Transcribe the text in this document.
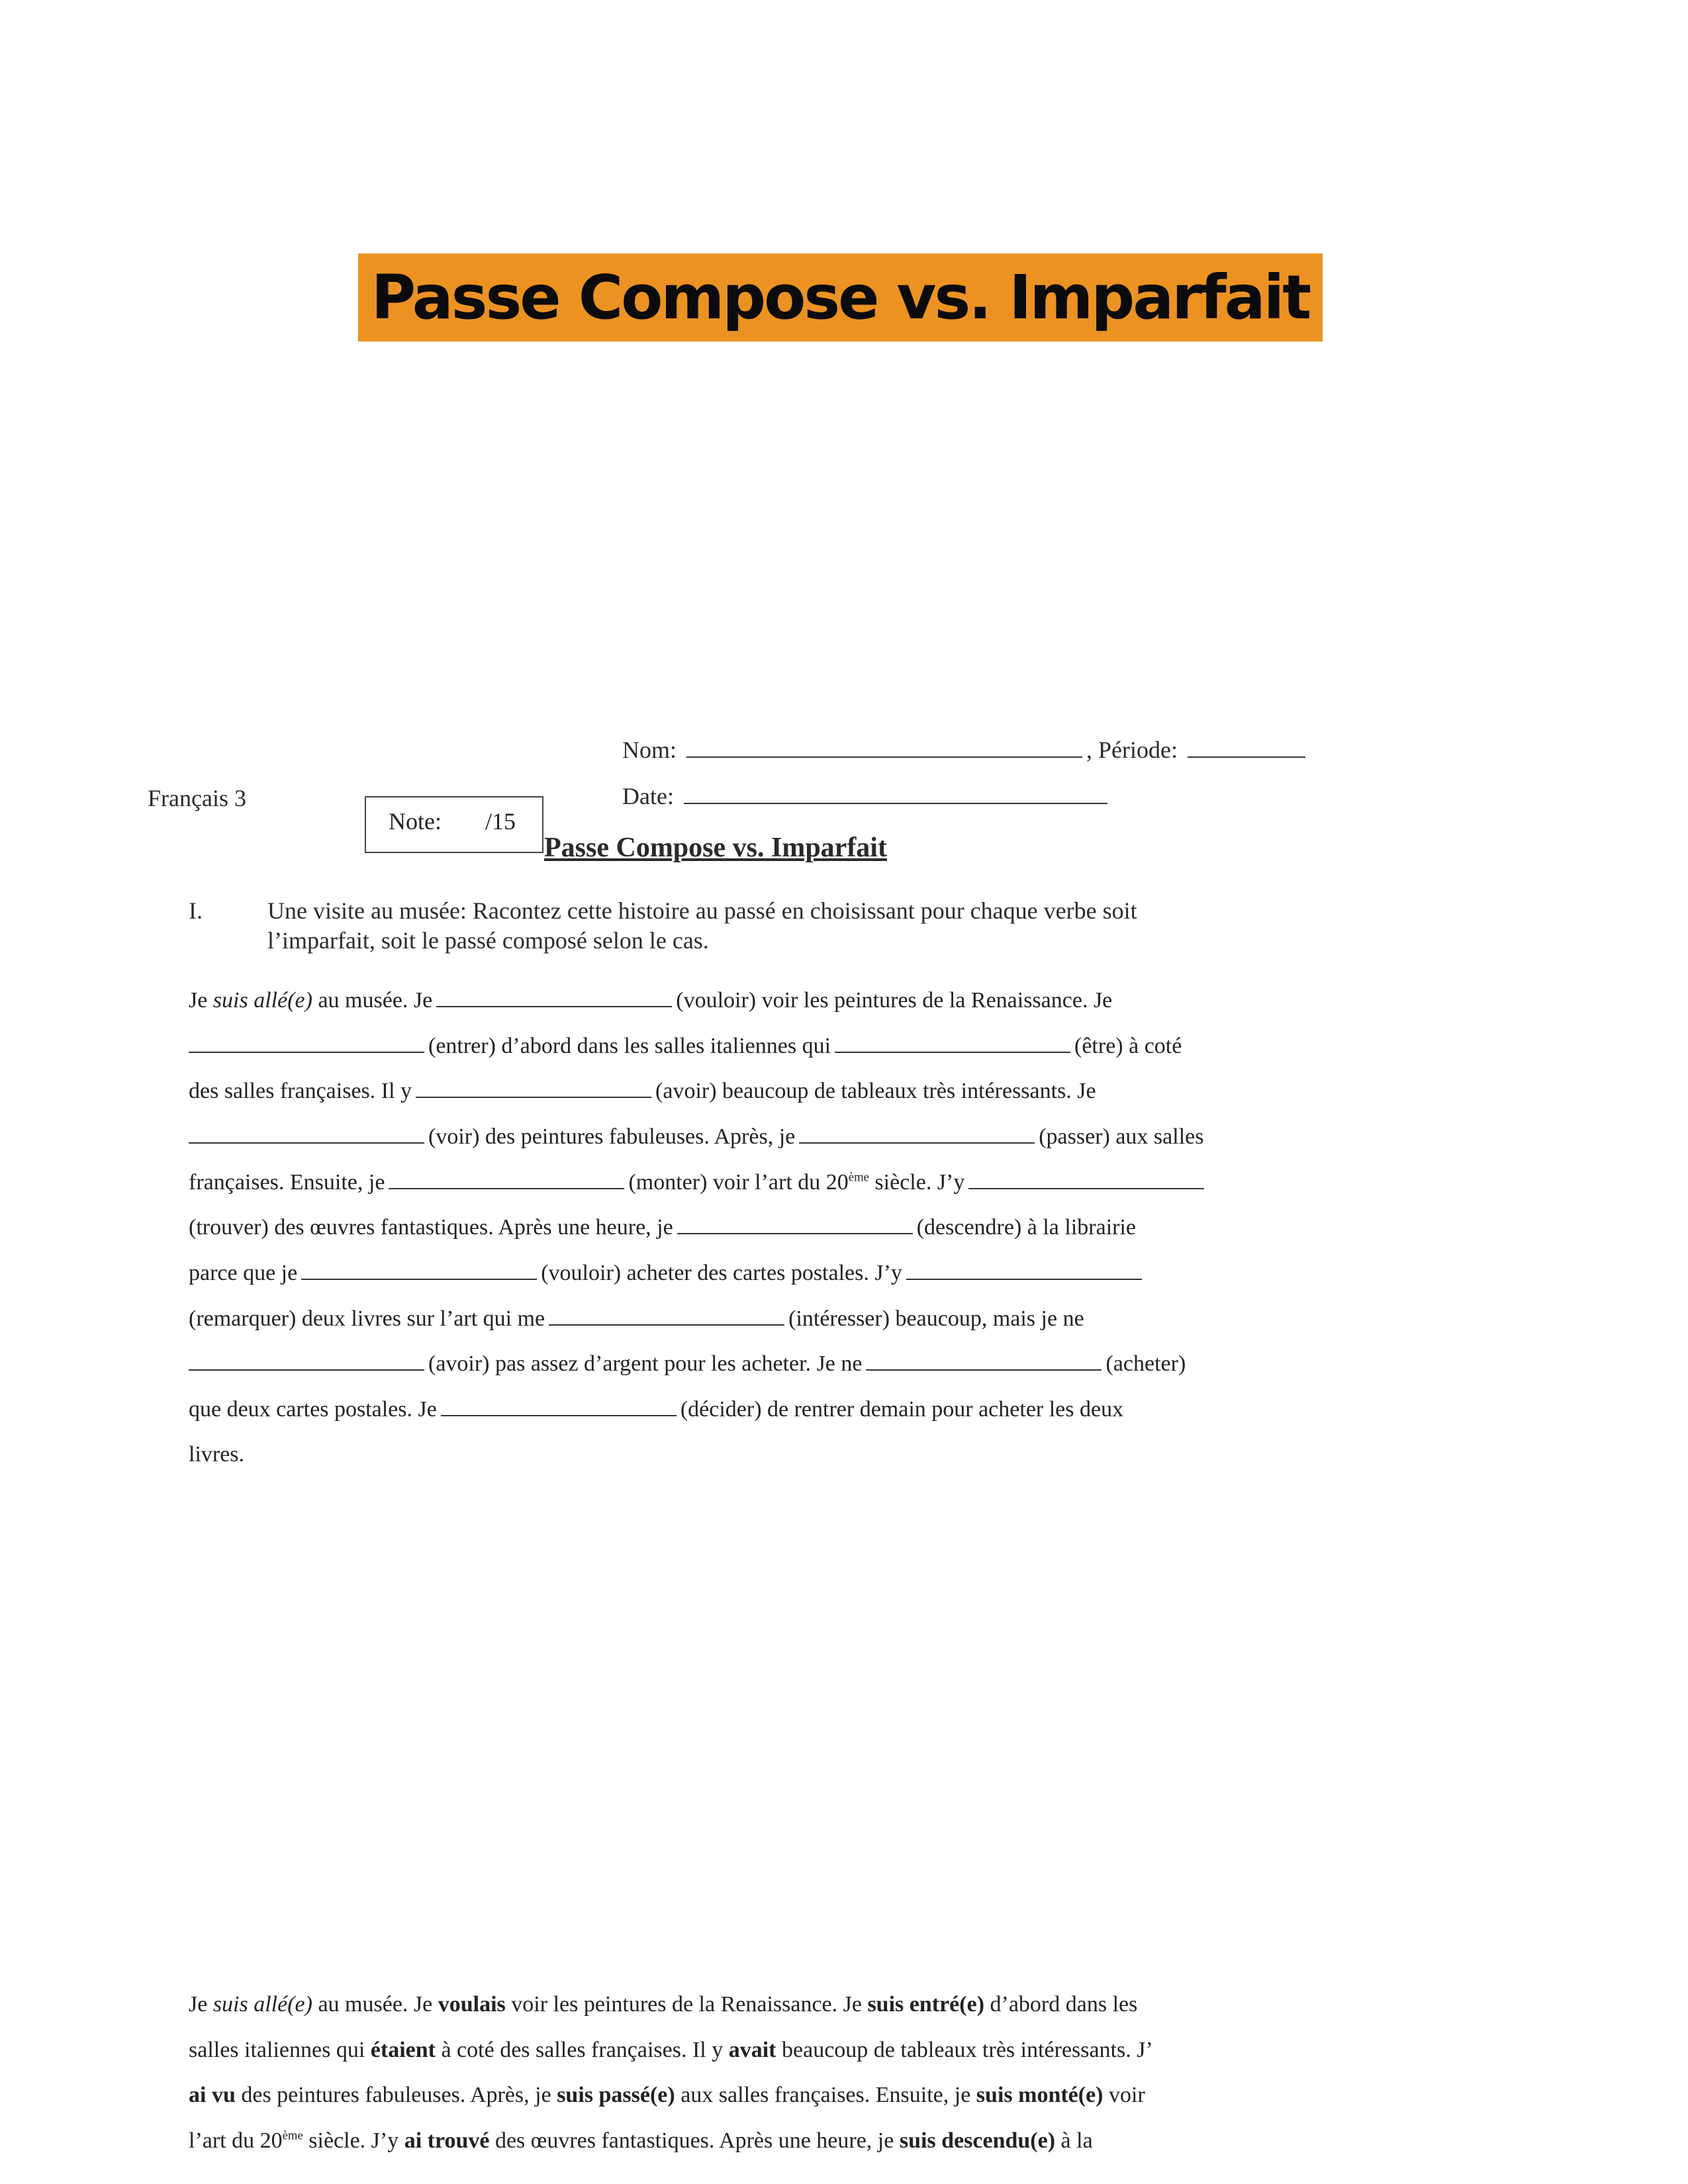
Passe Compose vs. Imparfait
Nom:	, Période:
Français 3	Date:
Note: /15
Passe Compose vs. Imparfait
I.	Une visite au musée: Racontez cette histoire au passé en choisissant pour chaque verbe soit
l’imparfait, soit le passé composé selon le cas.
Je suis allé(e) au musée. Je	(vouloir) voir les peintures de la Renaissance. Je
(entrer) d’abord dans les salles italiennes qui	(être) à coté
des salles françaises. Il y	(avoir) beaucoup de tableaux très intéressants. Je
(voir) des peintures fabuleuses. Après, je	(passer) aux salles
françaises. Ensuite, je	(monter) voir l’art du 20ème siècle. J’y
(trouver) des œuvres fantastiques. Après une heure, je	(descendre) à la librairie
parce que je	(vouloir) acheter des cartes postales. J’y
(remarquer) deux livres sur l’art qui me	(intéresser) beaucoup, mais je ne
(avoir) pas assez d’argent pour les acheter. Je ne	(acheter)
que deux cartes postales. Je	(décider) de rentrer demain pour acheter les deux
livres.
Je suis allé(e) au musée. Je voulais voir les peintures de la Renaissance. Je suis entré(e) d’abord dans les
salles italiennes qui étaient à coté des salles françaises. Il y avait beaucoup de tableaux très intéressants. J’
ai vu des peintures fabuleuses. Après, je suis passé(e) aux salles françaises. Ensuite, je suis monté(e) voir
l’art du 20ème siècle. J’y ai trouvé des œuvres fantastiques. Après une heure, je suis descendu(e) à la
